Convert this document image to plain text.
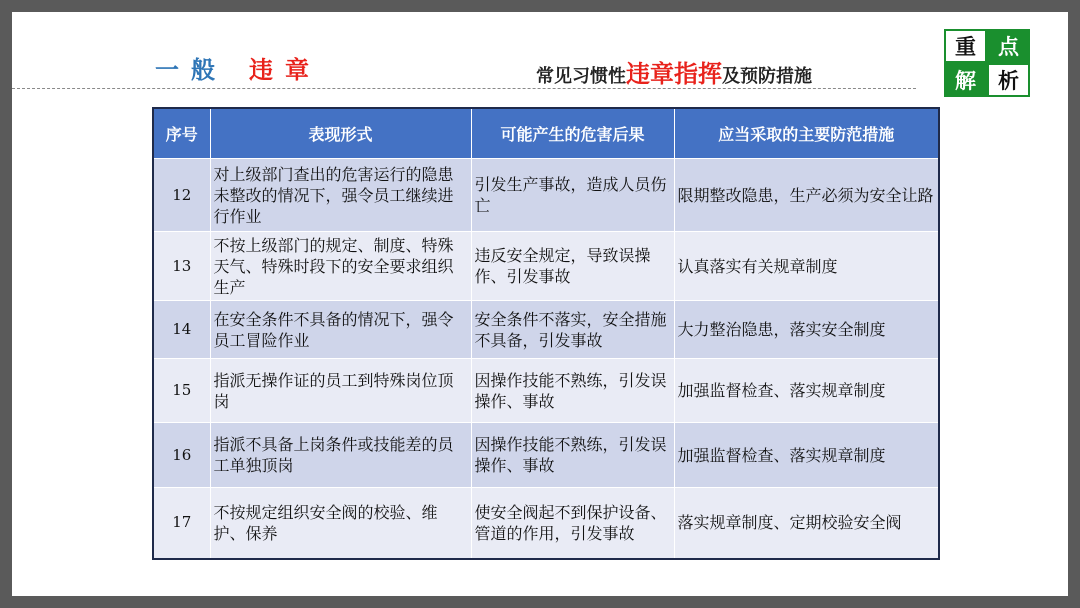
一 般 违 章	常见习惯性违章指挥及预防措施
重	点
解	析
序号	表现形式	可能产生的危害后果	应当采取的主要防范措施
12	对上级部门查出的危害运行的隐患未整改的情况下，强令员工继续进行作业	引发生产事故，造成人员伤亡	限期整改隐患，生产必须为安全让路
13	不按上级部门的规定、制度、特殊天气、特殊时段下的安全要求组织生产	违反安全规定，导致误操作、引发事故	认真落实有关规章制度
14	在安全条件不具备的情况下，强令员工冒险作业	安全条件不落实，安全措施不具备，引发事故	大力整治隐患，落实安全制度
15	指派无操作证的员工到特殊岗位顶岗	因操作技能不熟练，引发误操作、事故	加强监督检查、落实规章制度
16	指派不具备上岗条件或技能差的员工单独顶岗	因操作技能不熟练，引发误操作、事故	加强监督检查、落实规章制度
17	不按规定组织安全阀的校验、维护、保养	使安全阀起不到保护设备、管道的作用，引发事故	落实规章制度、定期校验安全阀
